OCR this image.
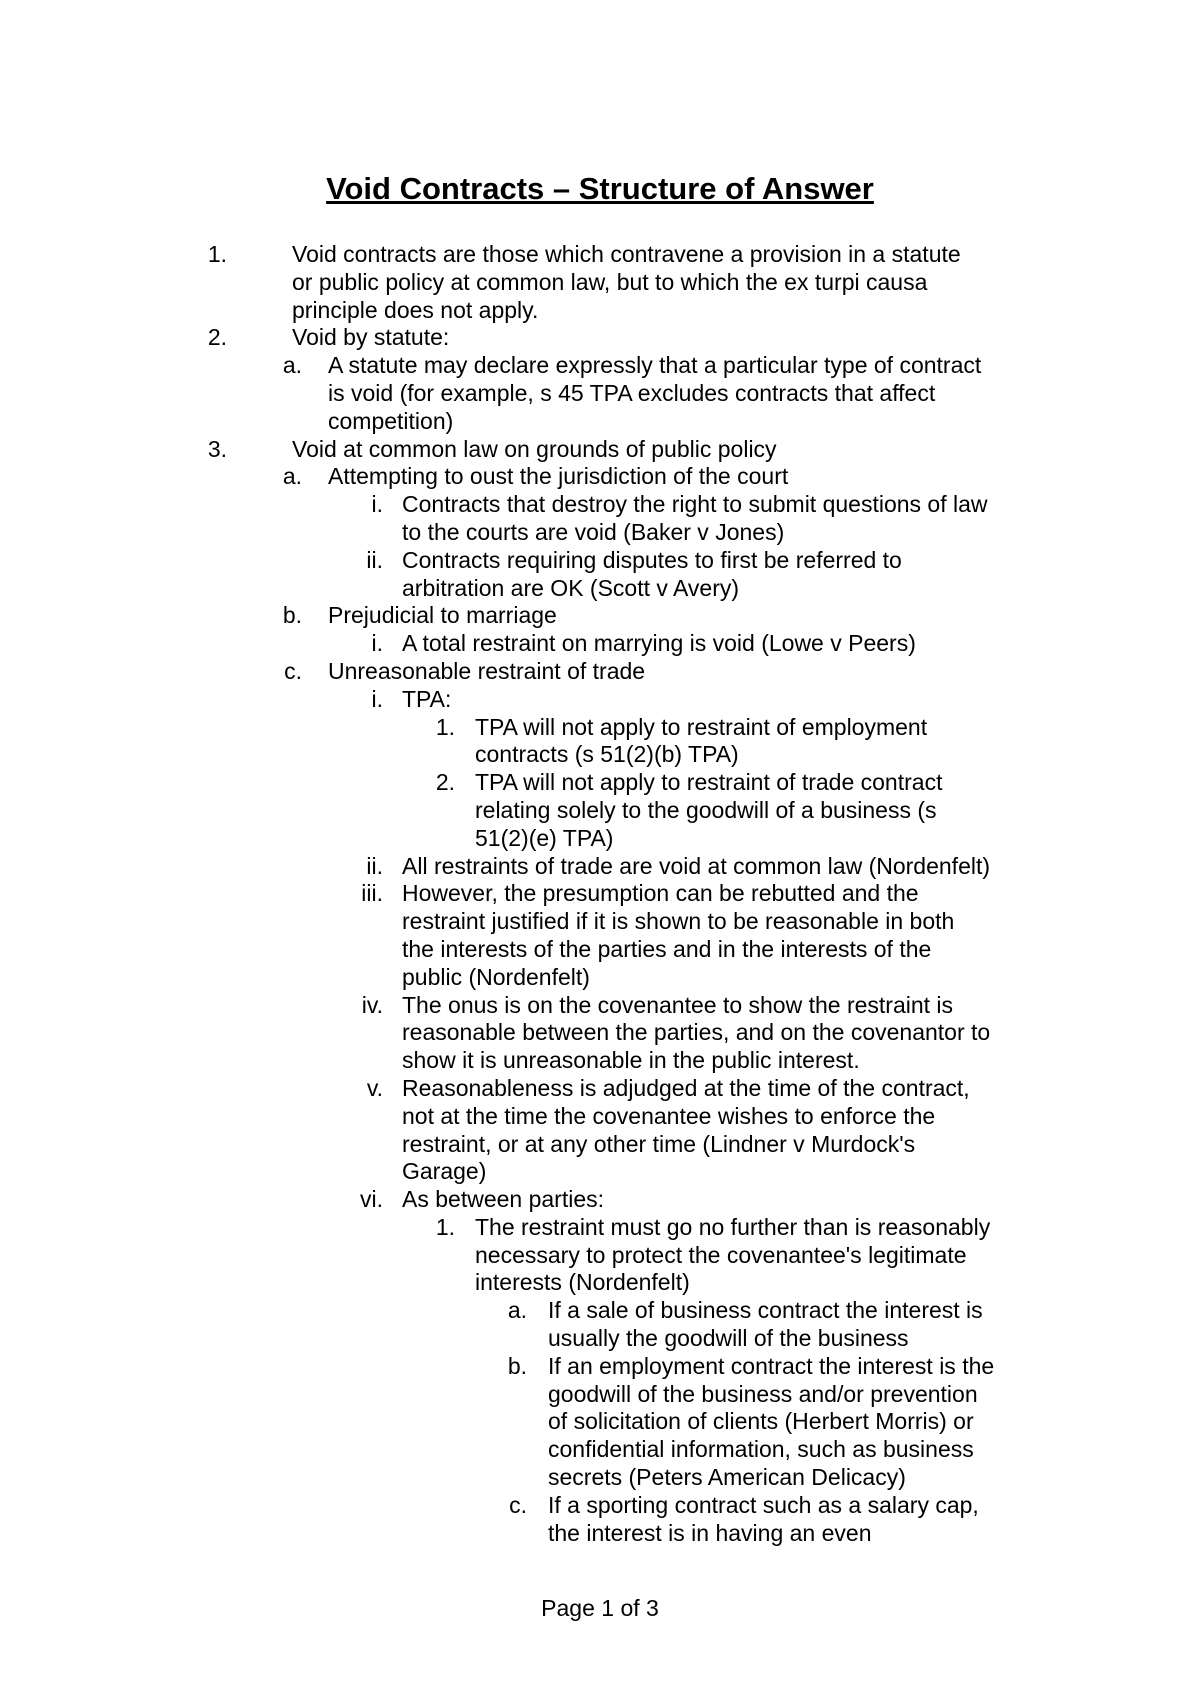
Void Contracts – Structure of Answer
1.	Void contracts are those which contravene a provision in a statute
or public policy at common law, but to which the ex turpi causa
principle does not apply.
2.	Void by statute:
a. A statute may declare expressly that a particular type of contract
is void (for example, s 45 TPA excludes contracts that affect
competition)
3.	Void at common law on grounds of public policy
a. Attempting to oust the jurisdiction of the court
i. Contracts that destroy the right to submit questions of law
to the courts are void (Baker v Jones)
ii. Contracts requiring disputes to first be referred to
arbitration are OK (Scott v Avery)
b. Prejudicial to marriage
i. A total restraint on marrying is void (Lowe v Peers)
c. Unreasonable restraint of trade
i. TPA:
1. TPA will not apply to restraint of employment
contracts (s 51(2)(b) TPA)
2. TPA will not apply to restraint of trade contract
relating solely to the goodwill of a business (s
51(2)(e) TPA)
ii. All restraints of trade are void at common law (Nordenfelt)
iii. However, the presumption can be rebutted and the
restraint justified if it is shown to be reasonable in both
the interests of the parties and in the interests of the
public (Nordenfelt)
iv. The onus is on the covenantee to show the restraint is
reasonable between the parties, and on the covenantor to
show it is unreasonable in the public interest.
v. Reasonableness is adjudged at the time of the contract,
not at the time the covenantee wishes to enforce the
restraint, or at any other time (Lindner v Murdock's
Garage)
vi. As between parties:
1. The restraint must go no further than is reasonably
necessary to protect the covenantee's legitimate
interests (Nordenfelt)
a. If a sale of business contract the interest is
usually the goodwill of the business
b. If an employment contract the interest is the
goodwill of the business and/or prevention
of solicitation of clients (Herbert Morris) or
confidential information, such as business
secrets (Peters American Delicacy)
c. If a sporting contract such as a salary cap,
the interest is in having an even
Page 1 of 3
